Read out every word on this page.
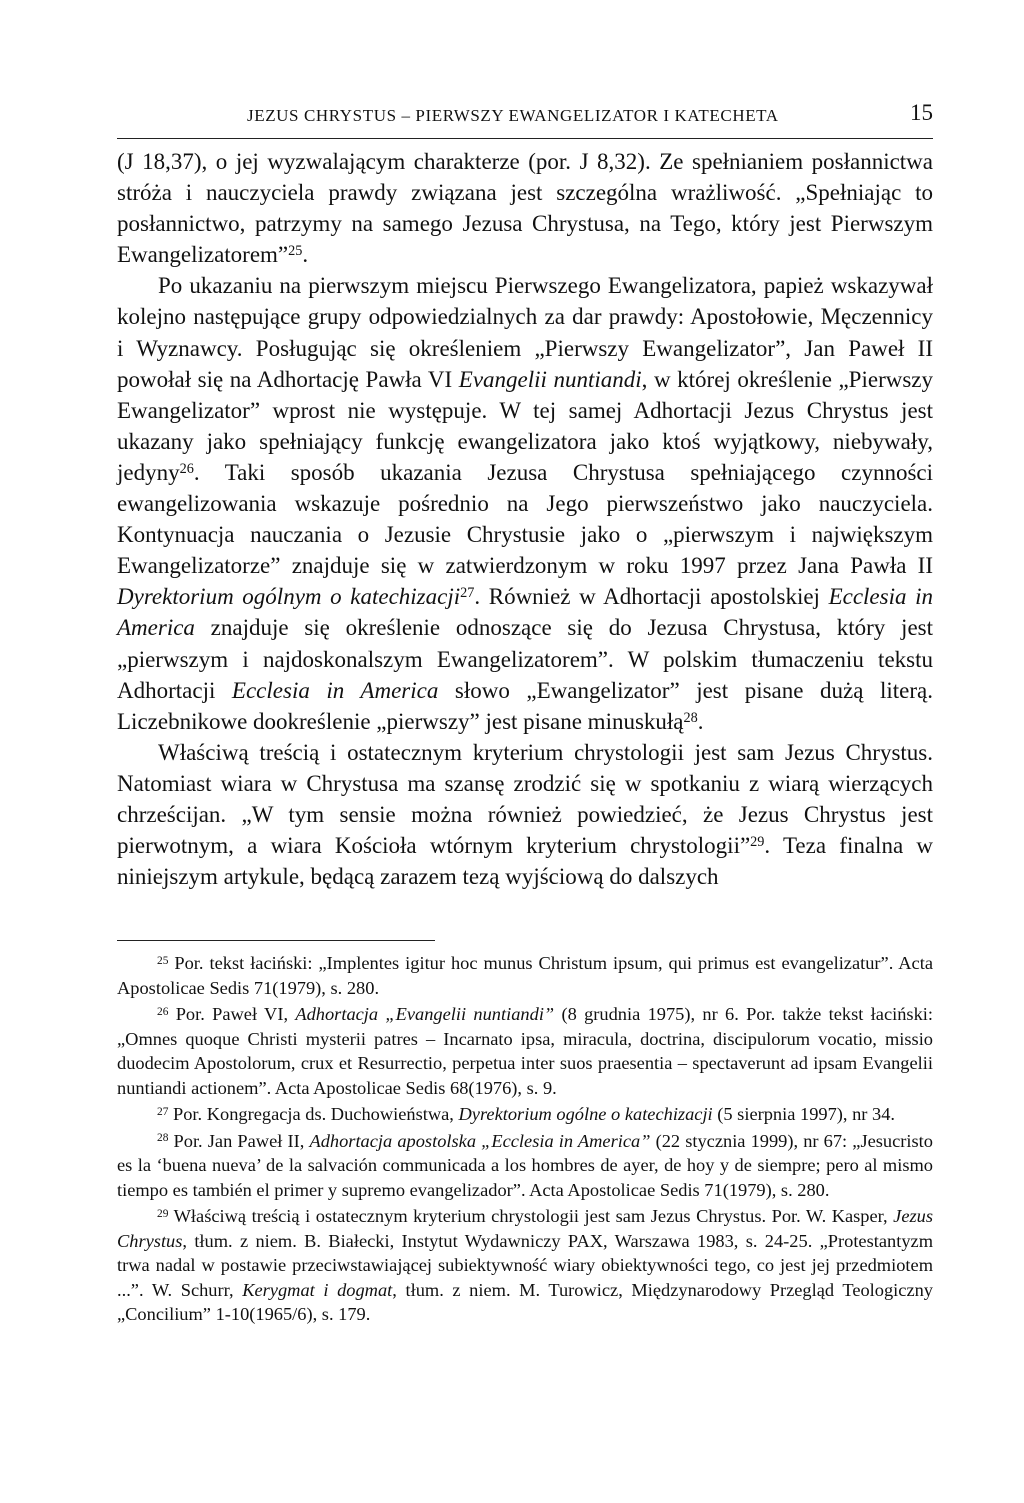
JEZUS CHRYSTUS – PIERWSZY EWANGELIZATOR I KATECHETA	15

(J 18,37), o jej wyzwalającym charakterze (por. J 8,32). Ze spełnianiem posłannictwa stróża i nauczyciela prawdy związana jest szczególna wrażliwość. „Spełniając to posłannictwo, patrzymy na samego Jezusa Chrystusa, na Tego, który jest Pierwszym Ewangelizatorem”$^{25}$.

Po ukazaniu na pierwszym miejscu Pierwszego Ewangelizatora, papież wskazywał kolejno następujące grupy odpowiedzialnych za dar prawdy: Apostołowie, Męczennicy i Wyznawcy. Posługując się określeniem „Pierwszy Ewangelizator”, Jan Paweł II powołał się na Adhortację Pawła VI Evangelii nuntiandi, w której określenie „Pierwszy Ewangelizator” wprost nie występuje. W tej samej Adhortacji Jezus Chrystus jest ukazany jako spełniający funkcję ewangelizatora jako ktoś wyjątkowy, niebywały, jedyny$^{26}$. Taki sposób ukazania Jezusa Chrystusa spełniającego czynności ewangelizowania wskazuje pośrednio na Jego pierwszeństwo jako nauczyciela. Kontynuacja nauczania o Jezusie Chrystusie jako o „pierwszym i największym Ewangelizatorze” znajduje się w zatwierdzonym w roku 1997 przez Jana Pawła II Dyrektorium ogólnym o katechizacji$^{27}$. Również w Adhortacji apostolskiej Ecclesia in America znajduje się określenie odnoszące się do Jezusa Chrystusa, który jest „pierwszym i najdoskonalszym Ewangelizatorem”. W polskim tłumaczeniu tekstu Adhortacji Ecclesia in America słowo „Ewangelizator” jest pisane dużą literą. Liczebnikowe dookreślenie „pierwszy” jest pisane minuskułą$^{28}$.

Właściwą treścią i ostatecznym kryterium chrystologii jest sam Jezus Chrystus. Natomiast wiara w Chrystusa ma szansę zrodzić się w spotkaniu z wiarą wierzących chrześcijan. „W tym sensie można również powiedzieć, że Jezus Chrystus jest pierwotnym, a wiara Kościoła wtórnym kryterium chrystologii”$^{29}$. Teza finalna w niniejszym artykule, będącą zarazem tezą wyjściową do dalszych

$^{25}$ Por. tekst łaciński: „Implentes igitur hoc munus Christum ipsum, qui primus est evangelizatur”. Acta Apostolicae Sedis 71(1979), s. 280.

$^{26}$ Por. Paweł VI, Adhortacja „Evangelii nuntiandi” (8 grudnia 1975), nr 6. Por. także tekst łaciński: „Omnes quoque Christi mysterii patres – Incarnato ipsa, miracula, doctrina, discipulorum vocatio, missio duodecim Apostolorum, crux et Resurrectio, perpetua inter suos praesentia – spectaverunt ad ipsam Evangelii nuntiandi actionem”. Acta Apostolicae Sedis 68(1976), s. 9.

$^{27}$ Por. Kongregacja ds. Duchowieństwa, Dyrektorium ogólne o katechizacji (5 sierpnia 1997), nr 34.

$^{28}$ Por. Jan Paweł II, Adhortacja apostolska „Ecclesia in America” (22 stycznia 1999), nr 67: „Jesucristo es la ‘buena nueva’ de la salvación communicada a los hombres de ayer, de hoy y de siempre; pero al mismo tiempo es también el primer y supremo evangelizador”. Acta Apostolicae Sedis 71(1979), s. 280.

$^{29}$ Właściwą treścią i ostatecznym kryterium chrystologii jest sam Jezus Chrystus. Por. W. Kasper, Jezus Chrystus, tłum. z niem. B. Białecki, Instytut Wydawniczy PAX, Warszawa 1983, s. 24-25. „Protestantyzm trwa nadal w postawie przeciwstawiającej subiektywność wiary obiektywności tego, co jest jej przedmiotem ...”. W. Schurr, Kerygmat i dogmat, tłum. z niem. M. Turowicz, Międzynarodowy Przegląd Teologiczny „Concilium” 1-10(1965/6), s. 179.
